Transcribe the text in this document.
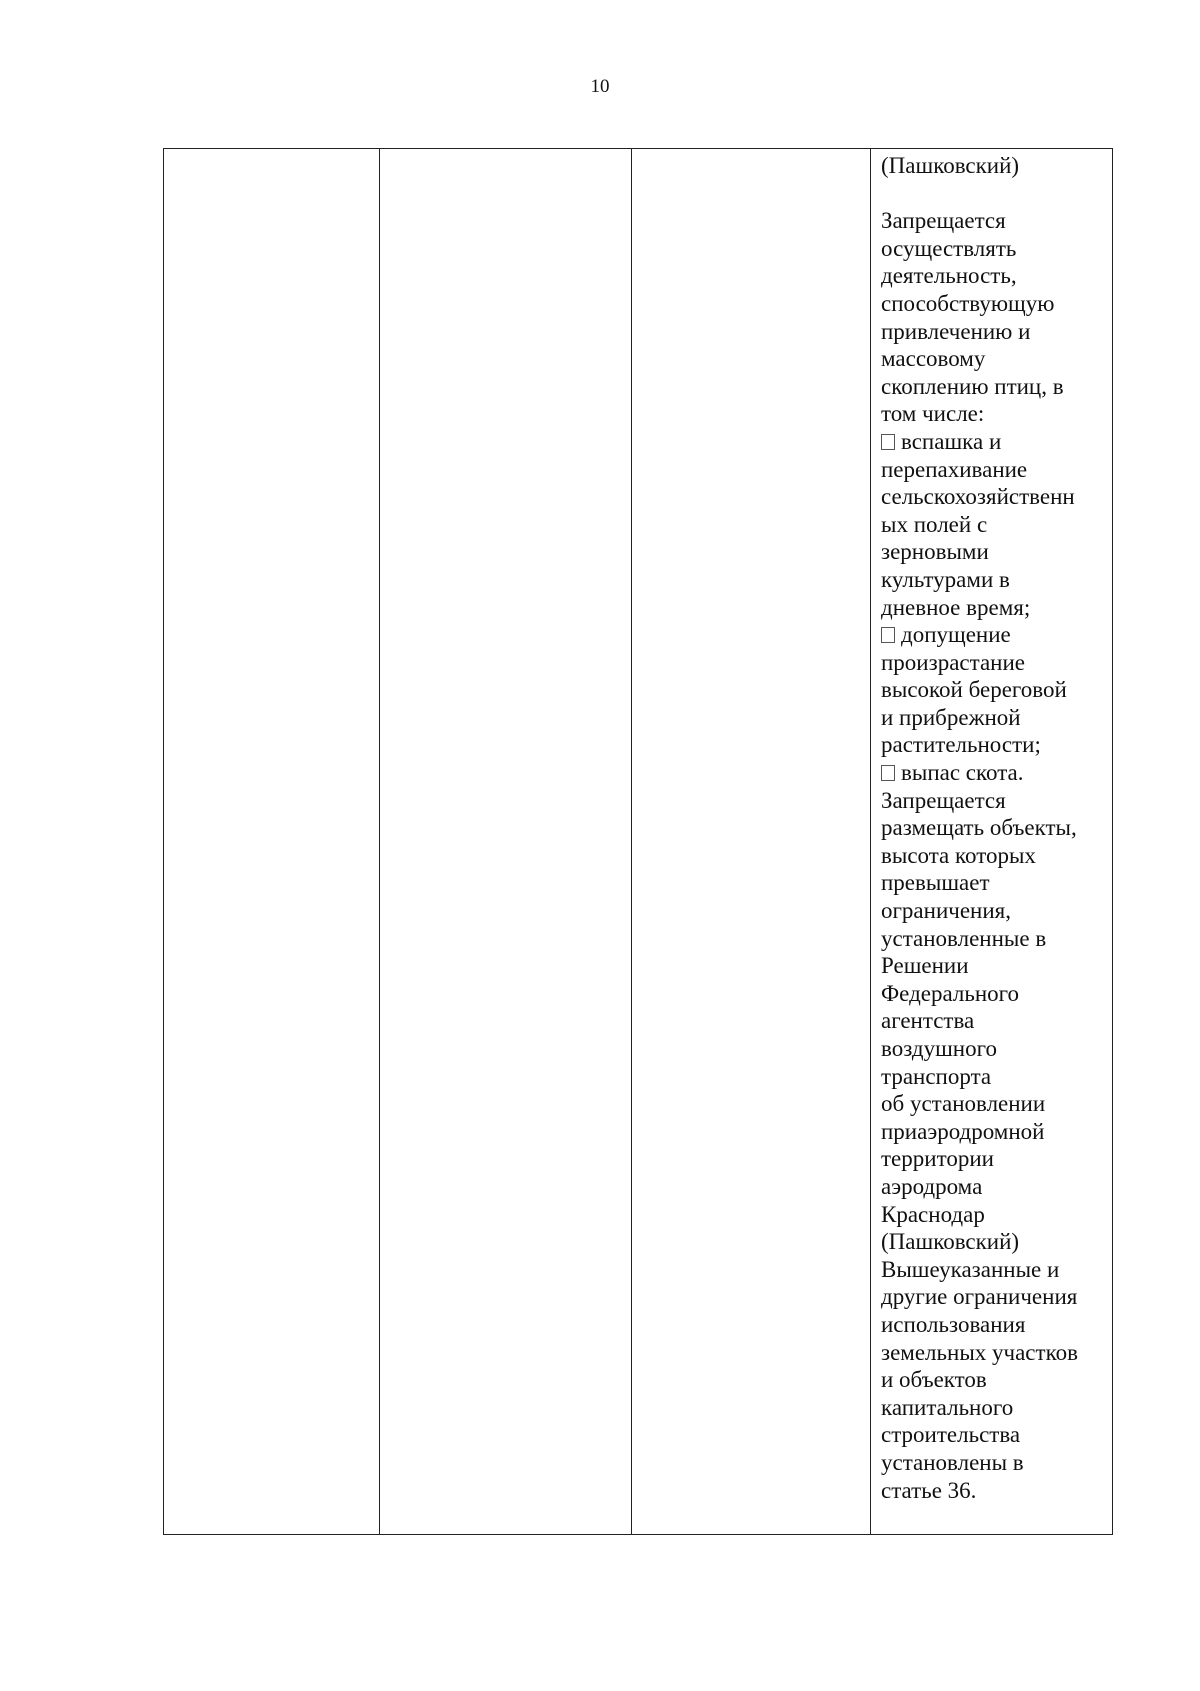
10

(Пашковский)

Запрещается
осуществлять
деятельность,
способствующую
привлечению и
массовому
скоплению птиц, в
том числе:

вспашка и
перепахивание
сельскохозяйственн
ых полей с
зерновыми
культурами в
дневное время;

допущение
произрастание
высокой береговой
и прибрежной
растительности;

выпас скота.

Запрещается
размещать объекты,
высота которых
превышает
ограничения,
установленные в
Решении
Федерального
агентства
воздушного
транспорта
об установлении
приаэродромной
территории
аэродрома
Краснодар
(Пашковский)

Вышеуказанные и
другие ограничения
использования
земельных участков
и объектов
капитального
строительства
установлены в
статье 36.
